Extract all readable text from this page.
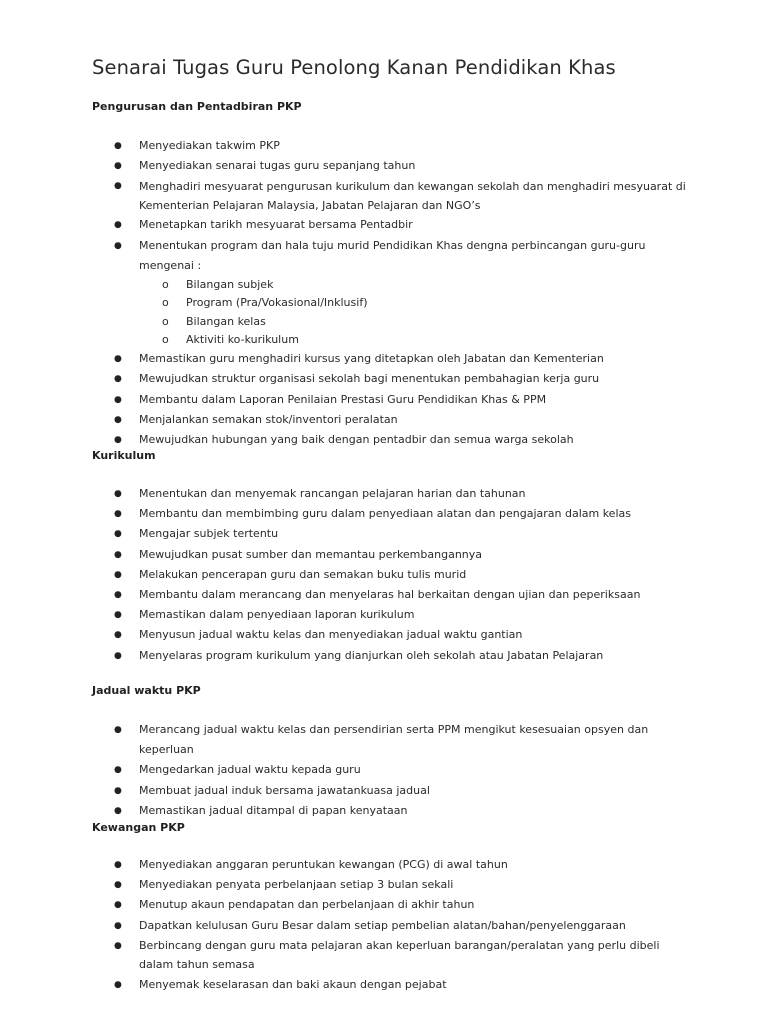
Senarai Tugas Guru Penolong Kanan Pendidikan Khas
Pengurusan dan Pentadbiran PKP
● Menyediakan takwim PKP
● Menyediakan senarai tugas guru sepanjang tahun
● Menghadiri mesyuarat pengurusan kurikulum dan kewangan sekolah dan menghadiri mesyuarat di Kementerian Pelajaran Malaysia, Jabatan Pelajaran dan NGO’s
● Menetapkan tarikh mesyuarat bersama Pentadbir
● Menentukan program dan hala tuju murid Pendidikan Khas dengna perbincangan guru-guru mengenai :
o Bilangan subjek
o Program (Pra/Vokasional/Inklusif)
o Bilangan kelas
o Aktiviti ko-kurikulum
● Memastikan guru menghadiri kursus yang ditetapkan oleh Jabatan dan Kementerian
● Mewujudkan struktur organisasi sekolah bagi menentukan pembahagian kerja guru
● Membantu dalam Laporan Penilaian Prestasi Guru Pendidikan Khas & PPM
● Menjalankan semakan stok/inventori peralatan
● Mewujudkan hubungan yang baik dengan pentadbir dan semua warga sekolah
Kurikulum
● Menentukan dan menyemak rancangan pelajaran harian dan tahunan
● Membantu dan membimbing guru dalam penyediaan alatan dan pengajaran dalam kelas
● Mengajar subjek tertentu
● Mewujudkan pusat sumber dan memantau perkembangannya
● Melakukan pencerapan guru dan semakan buku tulis murid
● Membantu dalam merancang dan menyelaras hal berkaitan dengan ujian dan peperiksaan
● Memastikan dalam penyediaan laporan kurikulum
● Menyusun jadual waktu kelas dan menyediakan jadual waktu gantian
● Menyelaras program kurikulum yang dianjurkan oleh sekolah atau Jabatan Pelajaran
Jadual waktu PKP
● Merancang jadual waktu kelas dan persendirian serta PPM mengikut kesesuaian opsyen dan keperluan
● Mengedarkan jadual waktu kepada guru
● Membuat jadual induk bersama jawatankuasa jadual
● Memastikan jadual ditampal di papan kenyataan
Kewangan PKP
● Menyediakan anggaran peruntukan kewangan (PCG) di awal tahun
● Menyediakan penyata perbelanjaan setiap 3 bulan sekali
● Menutup akaun pendapatan dan perbelanjaan di akhir tahun
● Dapatkan kelulusan Guru Besar dalam setiap pembelian alatan/bahan/penyelenggaraan
● Berbincang dengan guru mata pelajaran akan keperluan barangan/peralatan yang perlu dibeli dalam tahun semasa
● Menyemak keselarasan dan baki akaun dengan pejabat
